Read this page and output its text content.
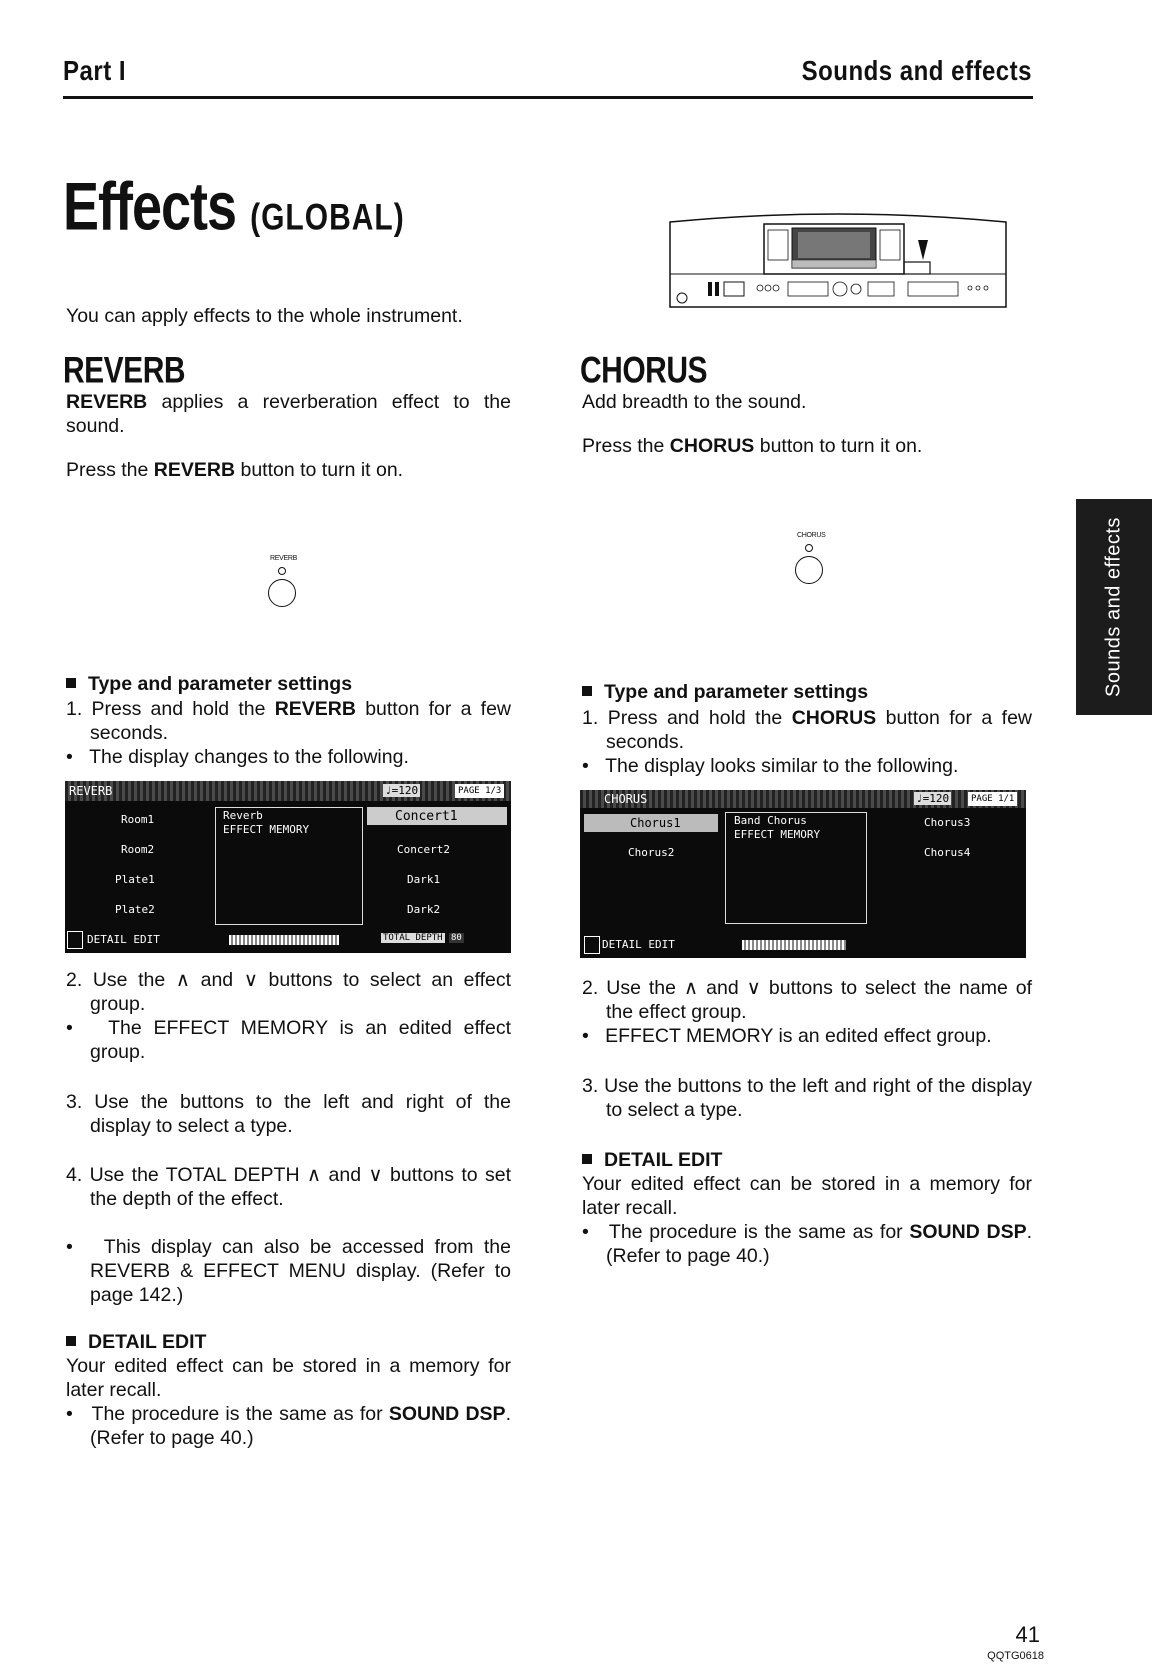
Part I	Sounds and effects
Effects (GLOBAL)
You can apply effects to the whole instrument.
REVERB
REVERB applies a reverberation effect to the sound.
Press the REVERB button to turn it on.
REVERB
Type and parameter settings
1. Press and hold the REVERB button for a few seconds.
•   The display changes to the following.
REVERB	♩=120	PAGE 1/3
Reverb
EFFECT MEMORY
Room1
Room2
Plate1
Plate2
Concert1
Concert2
Dark1
Dark2
DETAIL EDIT	TOTAL DEPTH 80
2. Use the ∧ and ∨ buttons to select an effect group.
•   The EFFECT MEMORY is an edited effect group.
3. Use the buttons to the left and right of the display to select a type.
4. Use the TOTAL DEPTH ∧ and ∨ buttons to set the depth of the effect.
•   This display can also be accessed from the REVERB & EFFECT MENU display. (Refer to page 142.)
DETAIL EDIT
Your edited effect can be stored in a memory for later recall.
•   The procedure is the same as for SOUND DSP. (Refer to page 40.)
CHORUS
Add breadth to the sound.
Press the CHORUS button to turn it on.
CHORUS
Type and parameter settings
1. Press and hold the CHORUS button for a few seconds.
•   The display looks similar to the following.
CHORUS	♩=120	PAGE 1/1
Chorus1
Chorus2
Band Chorus
EFFECT MEMORY
Chorus3
Chorus4
DETAIL EDIT
2. Use the ∧ and ∨ buttons to select the name of the effect group.
•   EFFECT MEMORY is an edited effect group.
3. Use the buttons to the left and right of the display to select a type.
DETAIL EDIT
Your edited effect can be stored in a memory for later recall.
•   The procedure is the same as for SOUND DSP. (Refer to page 40.)
Sounds and effects
41
QQTG0618
